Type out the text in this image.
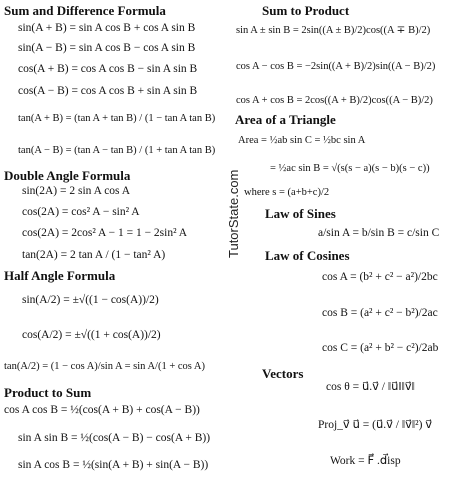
Sum and Difference Formula	Sum to Product
Area of a Triangle
Double Angle Formula
Law of Sines
Half Angle Formula
Law of Cosines
Vectors
Product to Sum
TutorState.com
sin(A + B) = sin A cos B + cos A sin B
sin(A − B) = sin A cos B − cos A sin B
cos(A + B) = cos A cos B − sin A sin B
cos(A − B) = cos A cos B + sin A sin B
tan(A + B) = (tan A + tan B) / (1 − tan A tan B)
tan(A − B) = (tan A − tan B) / (1 + tan A tan B)
sin(2A) = 2 sin A cos A
cos(2A) = cos² A − sin² A
cos(2A) = 2cos² A − 1 = 1 − 2sin² A
tan(2A) = 2 tan A / (1 − tan² A)
sin(A/2) = ±√((1 − cos(A))/2)
cos(A/2) = ±√((1 + cos(A))/2)
tan(A/2) = (1 − cos A)/sin A = sin A/(1 + cos A)
cos A cos B = ½(cos(A + B) + cos(A − B))
sin A sin B = ½(cos(A − B) − cos(A + B))
sin A cos B = ½(sin(A + B) + sin(A − B))
sin A ± sin B = 2sin((A ± B)/2)cos((A ∓ B)/2)
cos A − cos B = −2sin((A + B)/2)sin((A − B)/2)
cos A + cos B = 2cos((A + B)/2)cos((A − B)/2)
Area = ½ab sin C = ½bc sin A
= ½ac sin B = √(s(s − a)(s − b)(s − c))
where s = (a+b+c)/2
a/sin A = b/sin B = c/sin C
cos A = (b² + c² − a²)/2bc
cos B = (a² + c² − b²)/2ac
cos C = (a² + b² − c²)/2ab
cos θ = u⃗.v⃗ / ‖u⃗‖‖v⃗‖
Proj_v⃗ u⃗ = (u⃗.v⃗ / ‖v⃗‖²) v⃗
Work = F⃗ .d⃗isp
